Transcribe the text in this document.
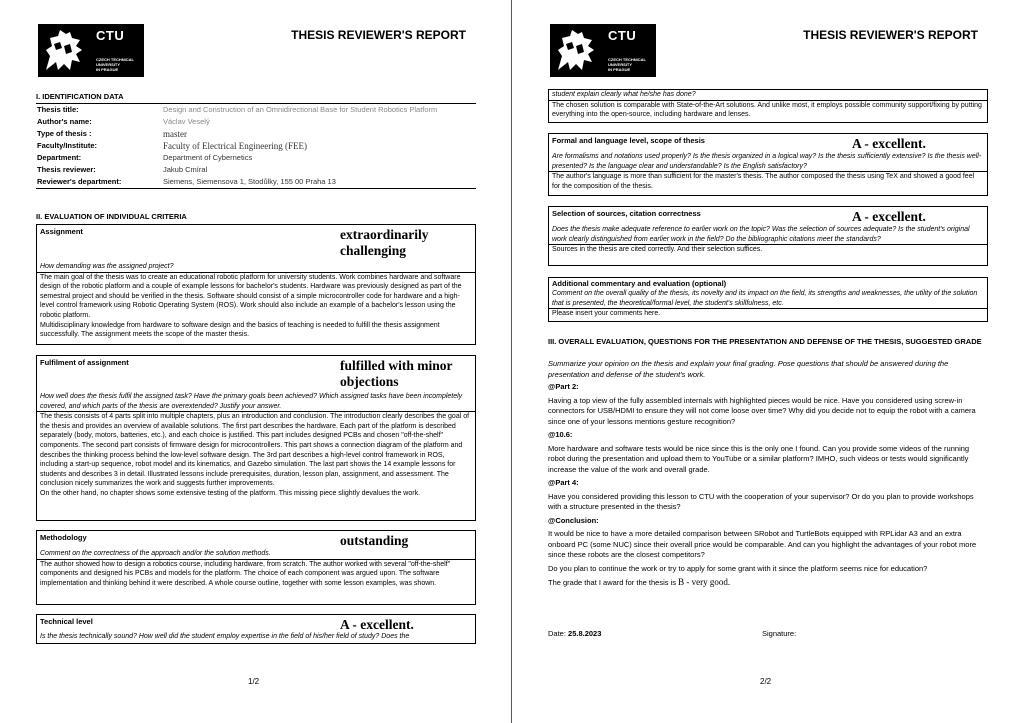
CTU
CZECH TECHNICAL
UNIVERSITY
IN PRAGUE
THESIS REVIEWER'S REPORT
I. IDENTIFICATION DATA
Thesis title:	Design and Construction of an Omnidirectional Base for Student Robotics Platform
Author's name:	Václav Veselý
Type of thesis :	master
Faculty/Institute:	Faculty of Electrical Engineering (FEE)
Department:	Department of Cybernetics
Thesis reviewer:	Jakub Cmíral
Reviewer's department:	Siemens, Siemensova 1, Stodůlky, 155 00 Praha 13
II. EVALUATION OF INDIVIDUAL CRITERIA
Assignment	extraordinarily challenging
How demanding was the assigned project?
The main goal of the thesis was to create an educational robotic platform for university students. Work combines hardware and software design of the robotic platform and a couple of example lessons for bachelor's students. Hardware was previously designed as part of the semestral project and should be verified in the thesis. Software should consist of a simple microcontroller code for hardware and a high-level control framework using Robotic Operating System (ROS). Work should also include an example of a bachelor's lesson using the robotic platform.
Multidisciplinary knowledge from hardware to software design and the basics of teaching is needed to fulfill the thesis assignment successfully. The assignment meets the scope of the master thesis.
Fulfilment of assignment	fulfilled with minor objections
How well does the thesis fulfil the assigned task? Have the primary goals been achieved? Which assigned tasks have been incompletely covered, and which parts of the thesis are overextended? Justify your answer.
The thesis consists of 4 parts split into multiple chapters, plus an introduction and conclusion. The introduction clearly describes the goal of the thesis and provides an overview of available solutions. The first part describes the hardware. Each part of the platform is described separately (body, motors, batteries, etc.), and each choice is justified. This part includes designed PCBs and chosen "off-the-shelf" components. The second part consists of firmware design for microcontrollers. This part shows a connection diagram of the platform and describes the thinking process behind the low-level software design. The 3rd part describes a high-level control framework in ROS, including a start-up sequence, robot model and its kinematics, and Gazebo simulation. The last part shows the 14 example lessons for students and describes 3 in detail. Illustrated lessons include prerequisites, duration, lesson plan, assignment, and assessment. The conclusion nicely summarizes the work and suggests further improvements.
On the other hand, no chapter shows some extensive testing of the platform. This missing piece slightly devalues the work.
Methodology	outstanding
Comment on the correctness of the approach and/or the solution methods.
The author showed how to design a robotics course, including hardware, from scratch. The author worked with several "off-the-shelf" components and designed his PCBs and models for the platform. The choice of each component was argued upon. The software implementation and thinking behind it were described. A whole course outline, together with some lesson examples, was shown.
Technical level	A - excellent.
Is the thesis technically sound? How well did the student employ expertise in the field of his/her field of study? Does the
1/2
CTU
CZECH TECHNICAL
UNIVERSITY
IN PRAGUE
THESIS REVIEWER'S REPORT
student explain clearly what he/she has done?
The chosen solution is comparable with State-of-the-Art solutions. And unlike most, it employs possible community support/fixing by putting everything into the open-source, including hardware and lenses.
Formal and language level, scope of thesis	A - excellent.
Are formalisms and notations used properly? Is the thesis organized in a logical way? Is the thesis sufficiently extensive? Is the thesis well-presented? Is the language clear and understandable? Is the English satisfactory?
The author's language is more than sufficient for the master's thesis. The author composed the thesis using TeX and showed a good feel for the composition of the thesis.
Selection of sources, citation correctness	A - excellent.
Does the thesis make adequate reference to earlier work on the topic? Was the selection of sources adequate? Is the student's original work clearly distinguished from earlier work in the field? Do the bibliographic citations meet the standards?
Sources in the thesis are cited correctly. And their selection suffices.
Additional commentary and evaluation (optional)
Comment on the overall quality of the thesis, its novelty and its impact on the field, its strengths and weaknesses, the utility of the solution that is presented, the theoretical/formal level, the student's skillfulness, etc.
Please insert your comments here.
III. OVERALL EVALUATION, QUESTIONS FOR THE PRESENTATION AND DEFENSE OF THE THESIS, SUGGESTED GRADE
Summarize your opinion on the thesis and explain your final grading. Pose questions that should be answered during the presentation and defense of the student's work.

@Part 2:

Having a top view of the fully assembled internals with highlighted pieces would be nice. Have you considered using screw-in connectors for USB/HDMI to ensure they will not come loose over time? Why did you decide not to equip the robot with a camera since one of your lessons mentions gesture recognition?

@10.6:

More hardware and software tests would be nice since this is the only one I found. Can you provide some videos of the running robot during the presentation and upload them to YouTube or a similar platform? IMHO, such videos or tests would significantly increase the value of the work and overall grade.

@Part 4:

Have you considered providing this lesson to CTU with the cooperation of your supervisor? Or do you plan to provide workshops with a structure presented in the thesis?

@Conclusion:

It would be nice to have a more detailed comparison between SRobot and TurtleBots equipped with RPLidar A3 and an extra onboard PC (some NUC) since their overall price would be comparable. And can you highlight the advantages of your robot more since these robots are the closest competitors?

Do you plan to continue the work or try to apply for some grant with it since the platform seems nice for education?

The grade that I award for the thesis is B - very good.

Date: 25.8.2023	Signature:
2/2
